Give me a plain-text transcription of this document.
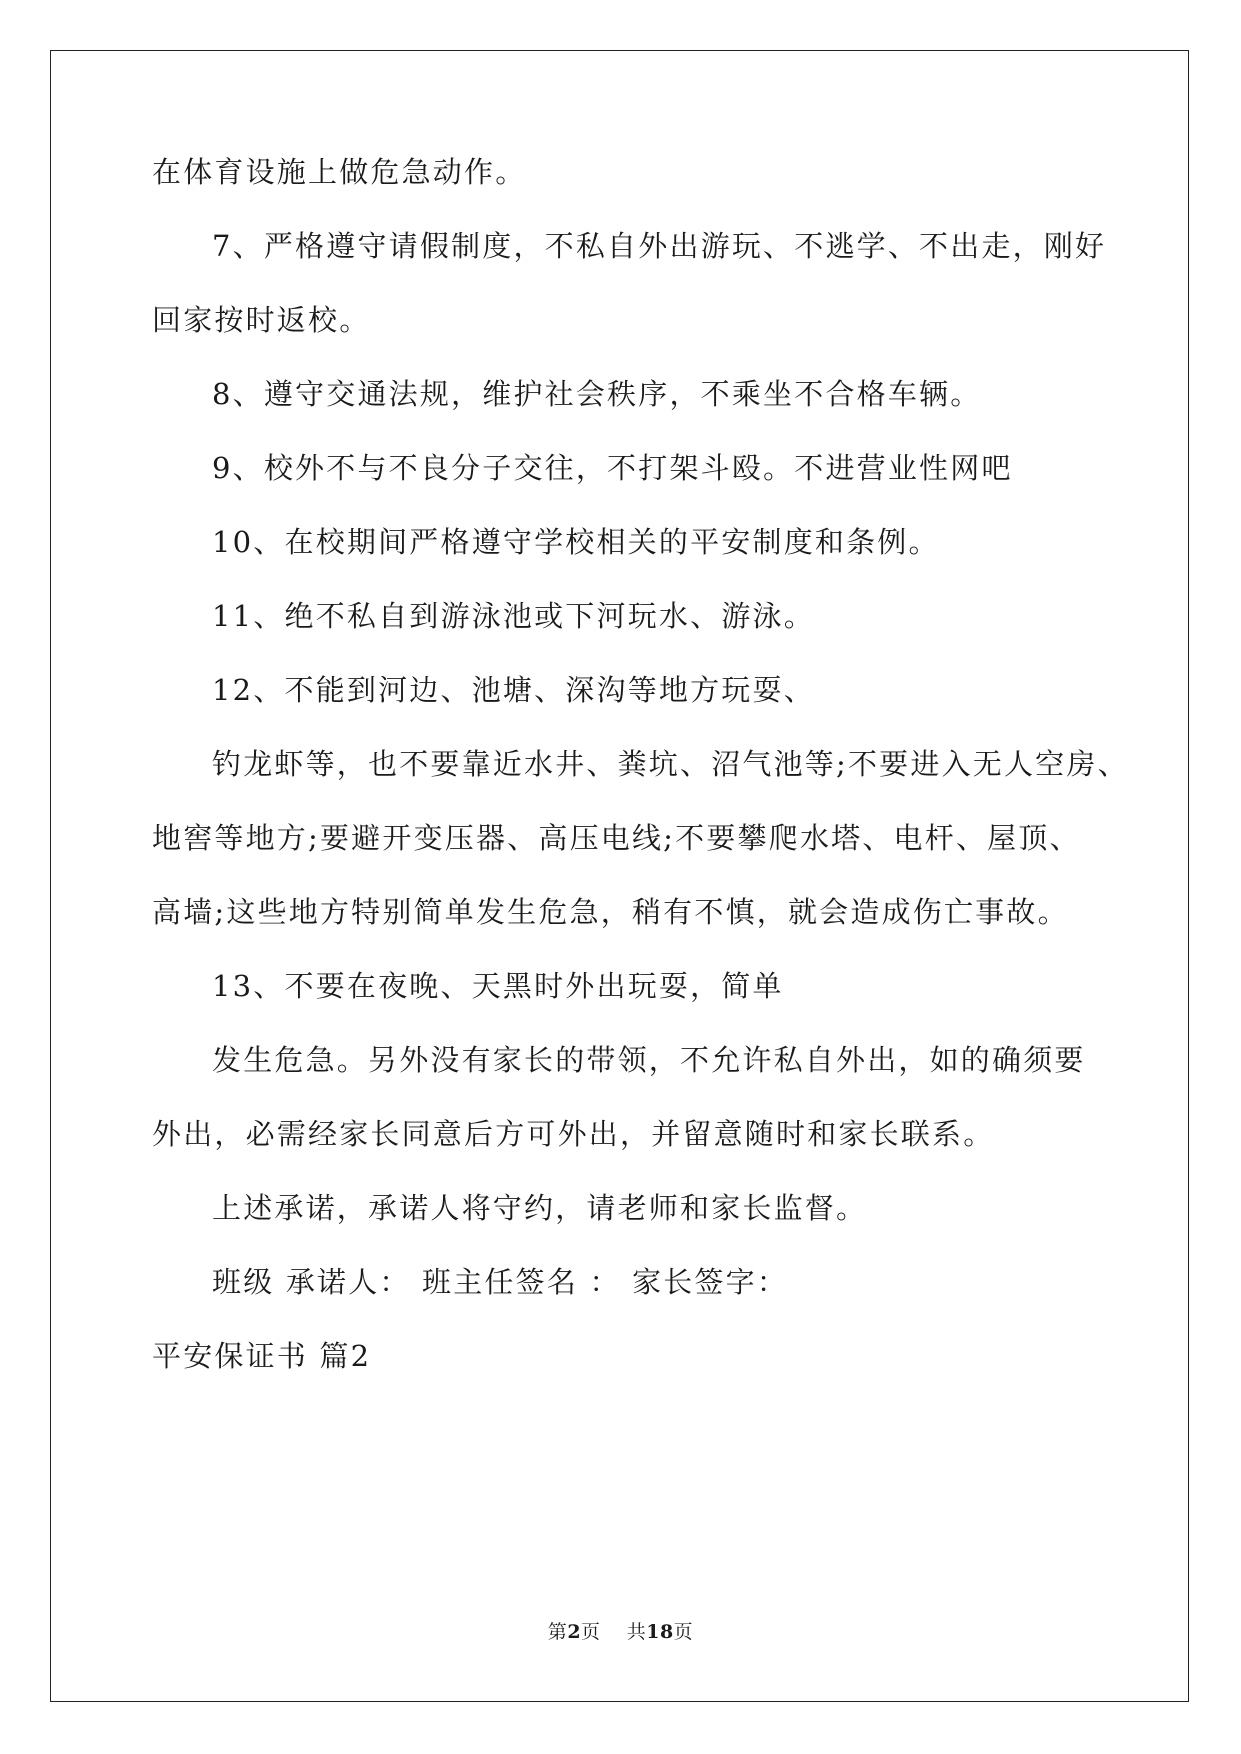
在体育设施上做危急动作。
7、严格遵守请假制度，不私自外出游玩、不逃学、不出走，刚好
回家按时返校。
8、遵守交通法规，维护社会秩序，不乘坐不合格车辆。
9、校外不与不良分子交往，不打架斗殴。不进营业性网吧
10、在校期间严格遵守学校相关的平安制度和条例。
11、绝不私自到游泳池或下河玩水、游泳。
12、不能到河边、池塘、深沟等地方玩耍、
钓龙虾等，也不要靠近水井、粪坑、沼气池等;不要进入无人空房、
地窖等地方;要避开变压器、高压电线;不要攀爬水塔、电杆、屋顶、
高墙;这些地方特别简单发生危急，稍有不慎，就会造成伤亡事故。
13、不要在夜晚、天黑时外出玩耍，简单
发生危急。另外没有家长的带领，不允许私自外出，如的确须要
外出，必需经家长同意后方可外出，并留意随时和家长联系。
上述承诺，承诺人将守约，请老师和家长监督。
班级 承诺人： 班主任签名 ： 家长签字：
平安保证书 篇2
第2页    共18页
